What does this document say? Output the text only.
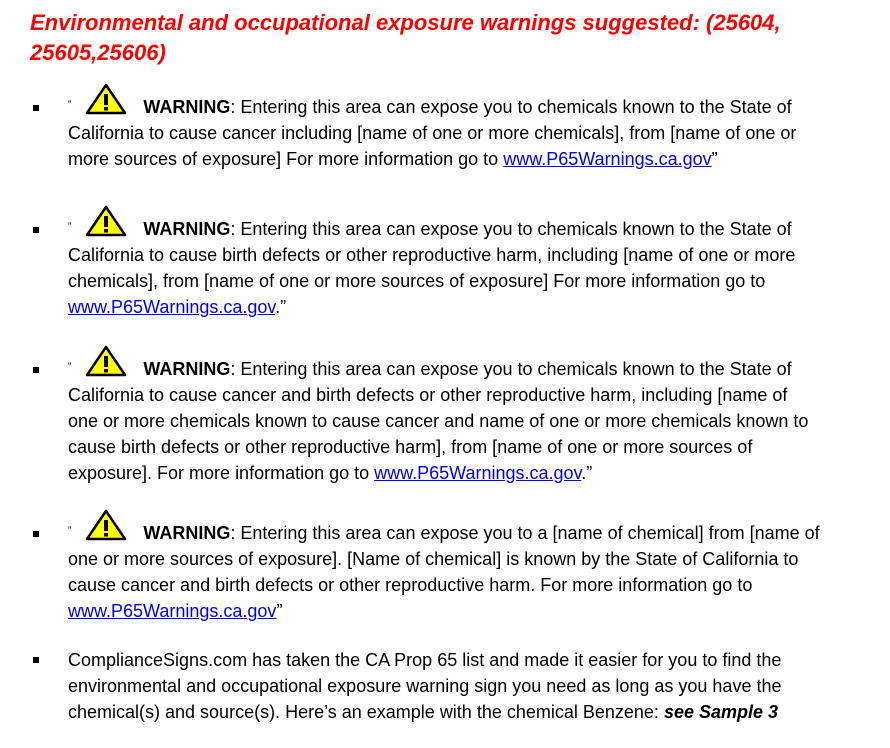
Environmental and occupational exposure warnings suggested: (25604,
25605,25606)
“	WARNING: Entering this area can expose you to chemicals known to the State of
California to cause cancer including [name of one or more chemicals], from [name of one or
more sources of exposure] For more information go to www.P65Warnings.ca.gov”
“	WARNING: Entering this area can expose you to chemicals known to the State of
California to cause birth defects or other reproductive harm, including [name of one or more
chemicals], from [name of one or more sources of exposure] For more information go to
www.P65Warnings.ca.gov.”
“	WARNING: Entering this area can expose you to chemicals known to the State of
California to cause cancer and birth defects or other reproductive harm, including [name of
one or more chemicals known to cause cancer and name of one or more chemicals known to
cause birth defects or other reproductive harm], from [name of one or more sources of
exposure]. For more information go to www.P65Warnings.ca.gov.”
“	WARNING: Entering this area can expose you to a [name of chemical] from [name of
one or more sources of exposure]. [Name of chemical] is known by the State of California to
cause cancer and birth defects or other reproductive harm. For more information go to
www.P65Warnings.ca.gov”
ComplianceSigns.com has taken the CA Prop 65 list and made it easier for you to find the
environmental and occupational exposure warning sign you need as long as you have the
chemical(s) and source(s). Here’s an example with the chemical Benzene: see Sample 3
